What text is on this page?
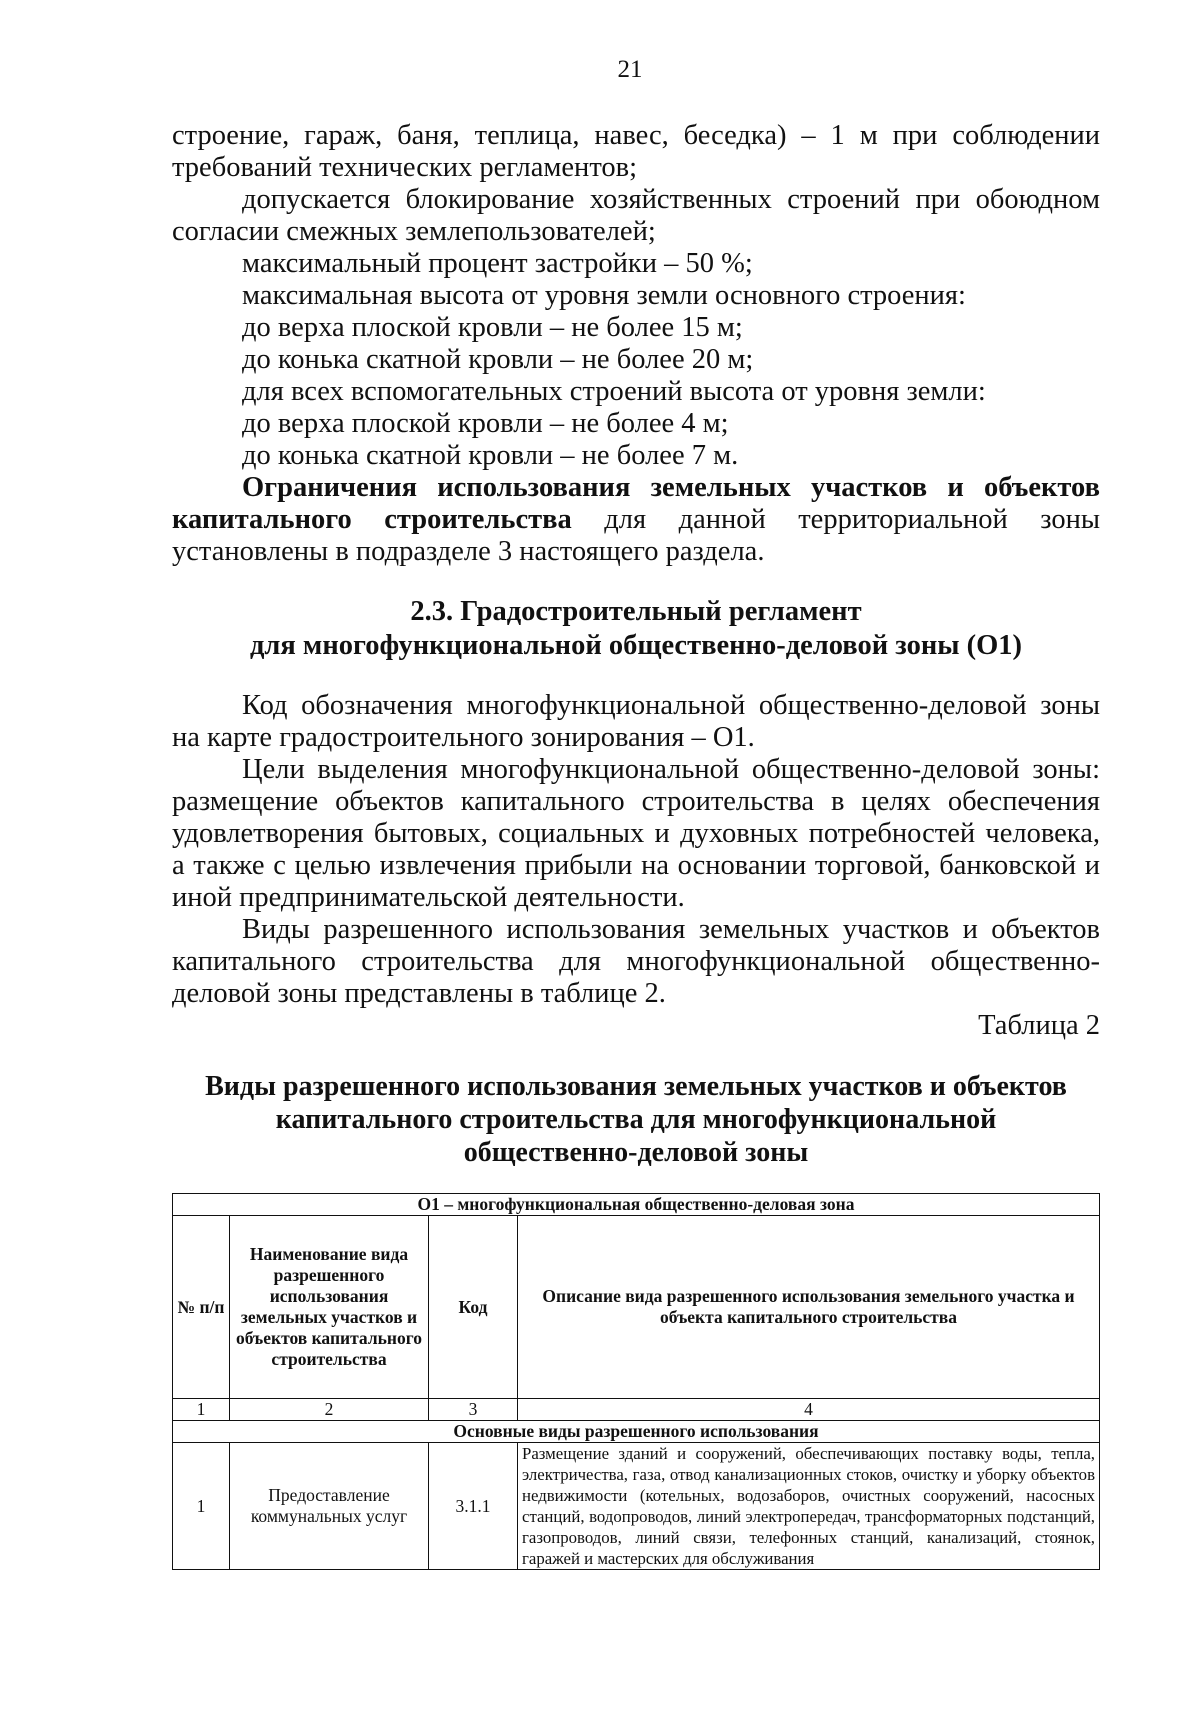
21

строение, гараж, баня, теплица, навес, беседка) – 1 м при соблюдении требований технических регламентов;

допускается блокирование хозяйственных строений при обоюдном согласии смежных землепользователей;

максимальный процент застройки – 50 %;

максимальная высота от уровня земли основного строения:

до верха плоской кровли – не более 15 м;

до конька скатной кровли – не более 20 м;

для всех вспомогательных строений высота от уровня земли:

до верха плоской кровли – не более 4 м;

до конька скатной кровли – не более 7 м.

Ограничения использования земельных участков и объектов капитального строительства для данной территориальной зоны установлены в подразделе 3 настоящего раздела.

2.3. Градостроительный регламент
для многофункциональной общественно-деловой зоны (О1)

Код обозначения многофункциональной общественно-деловой зоны на карте градостроительного зонирования – О1.

Цели выделения многофункциональной общественно-деловой зоны: размещение объектов капитального строительства в целях обеспечения удовлетворения бытовых, социальных и духовных потребностей человека, а также с целью извлечения прибыли на основании торговой, банковской и иной предпринимательской деятельности.

Виды разрешенного использования земельных участков и объектов капитального строительства для многофункциональной общественно-деловой зоны представлены в таблице 2.

Таблица 2
Виды разрешенного использования земельных участков и объектов
капитального строительства для многофункциональной
общественно-деловой зоны
О1 – многофункциональная общественно-деловая зона			
№ п/п	Наименование вида разрешенного использования земельных участков и объектов капитального строительства	Код	Описание вида разрешенного использования земельного участка и объекта капитального строительства
1	2	3	4
Основные виды разрешенного использования			
1	Предоставление коммунальных услуг	3.1.1	Размещение зданий и сооружений, обеспечивающих поставку воды, тепла, электричества, газа, отвод канализационных стоков, очистку и уборку объектов недвижимости (котельных, водозаборов, очистных сооружений, насосных станций, водопроводов, линий электропередач, трансформаторных подстанций, газопроводов, линий связи, телефонных станций, канализаций, стоянок, гаражей и мастерских для обслуживания
